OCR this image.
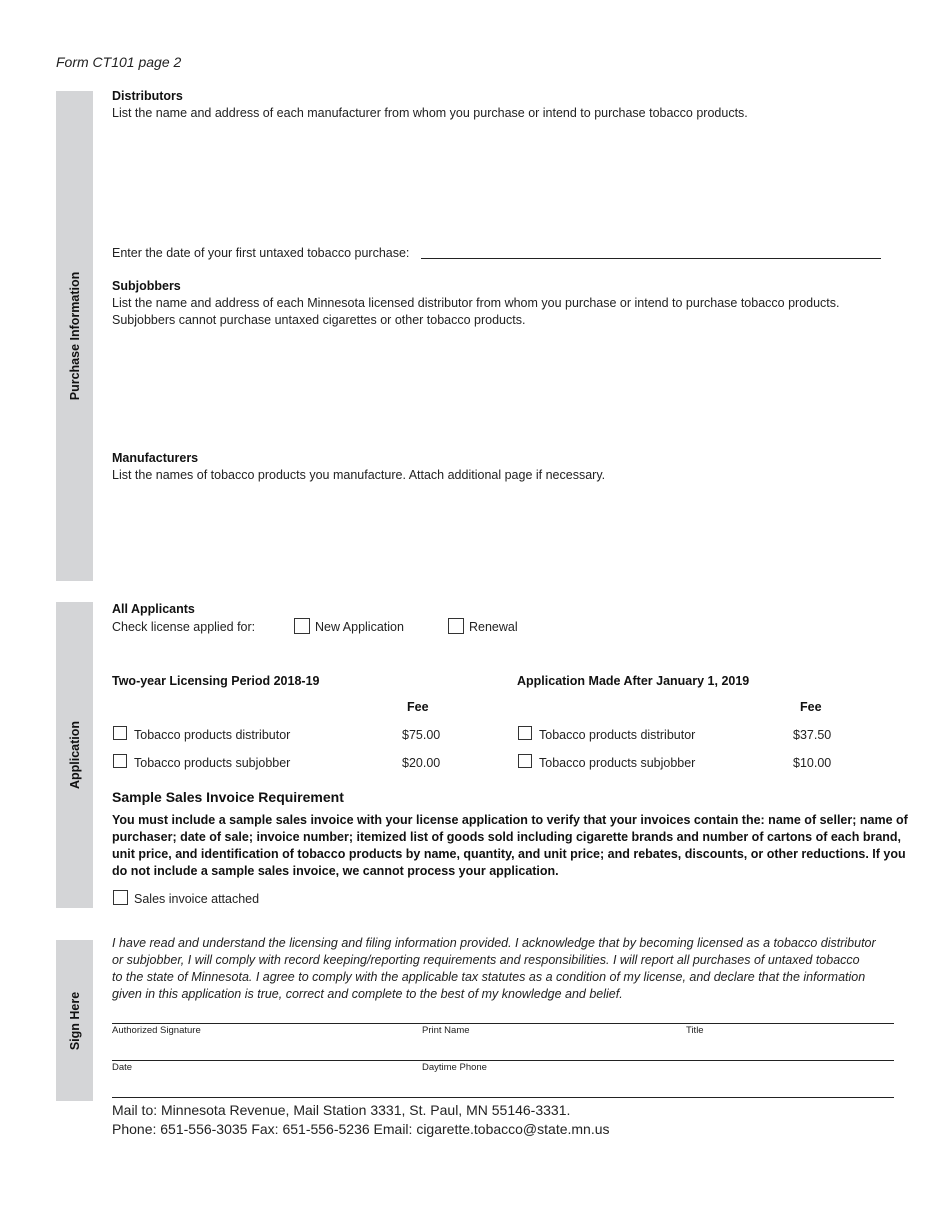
Form CT101 page 2
Purchase Information
Distributors
List the name and address of each manufacturer from whom you purchase or intend to purchase tobacco products.
Enter the date of your first untaxed tobacco purchase:
Subjobbers
List the name and address of each Minnesota licensed distributor from whom you purchase or intend to purchase tobacco products.
Subjobbers cannot purchase untaxed cigarettes or other tobacco products.
Manufacturers
List the names of tobacco products you manufacture. Attach additional page if necessary.
Application
All Applicants
Check license applied for:	New Application	Renewal
Two-year Licensing Period 2018-19
Fee
Tobacco products distributor	$75.00
Tobacco products subjobber	$20.00
Application Made After January 1, 2019
Fee
Tobacco products distributor	$37.50
Tobacco products subjobber	$10.00
Sample Sales Invoice Requirement
You must include a sample sales invoice with your license application to verify that your invoices contain the: name of seller; name of
purchaser; date of sale; invoice number; itemized list of goods sold including cigarette brands and number of cartons of each brand,
unit price, and identification of tobacco products by name, quantity, and unit price; and rebates, discounts, or other reductions. If you
do not include a sample sales invoice, we cannot process your application.
Sales invoice attached
Sign Here
I have read and understand the licensing and filing information provided. I acknowledge that by becoming licensed as a tobacco distributor
or subjobber, I will comply with record keeping/reporting requirements and responsibilities. I will report all purchases of untaxed tobacco
to the state of Minnesota. I agree to comply with the applicable tax statutes as a condition of my license, and declare that the information
given in this application is true, correct and complete to the best of my knowledge and belief.
Authorized Signature	Print Name	Title
Date	Daytime Phone
Mail to: Minnesota Revenue, Mail Station 3331, St. Paul, MN 55146-3331.
Phone: 651-556-3035 Fax: 651-556-5236 Email: cigarette.tobacco@state.mn.us
